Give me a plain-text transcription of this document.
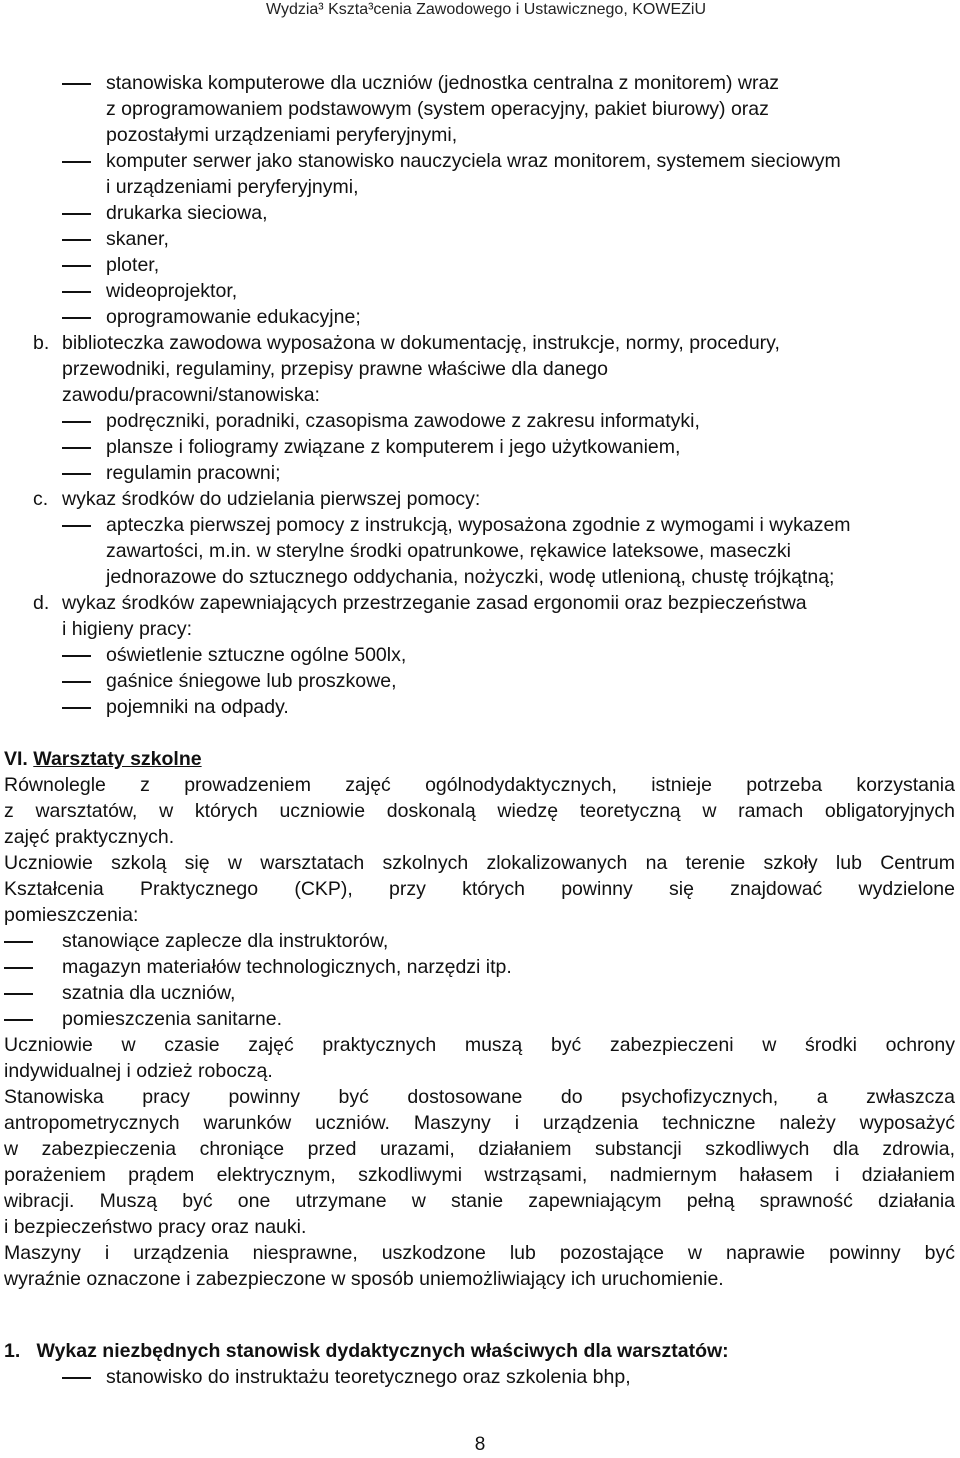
Wydzia³ Kszta³cenia Zawodowego i Ustawicznego, KOWEZiU
stanowiska komputerowe dla uczniów (jednostka centralna z monitorem) wraz
z oprogramowaniem podstawowym (system operacyjny, pakiet biurowy) oraz
pozostałymi urządzeniami peryferyjnymi,
komputer serwer jako stanowisko nauczyciela wraz monitorem, systemem sieciowym
i urządzeniami peryferyjnymi,
drukarka sieciowa,
skaner,
ploter,
wideoprojektor,
oprogramowanie edukacyjne;
b. biblioteczka zawodowa wyposażona w dokumentację, instrukcje, normy, procedury,
przewodniki, regulaminy, przepisy prawne właściwe dla danego
zawodu/pracowni/stanowiska:
podręczniki, poradniki, czasopisma zawodowe z zakresu informatyki,
plansze i foliogramy związane z komputerem i jego użytkowaniem,
regulamin pracowni;
c. wykaz środków do udzielania pierwszej pomocy:
apteczka pierwszej pomocy z instrukcją, wyposażona zgodnie z wymogami i wykazem
zawartości, m.in. w sterylne środki opatrunkowe, rękawice lateksowe, maseczki
jednorazowe do sztucznego oddychania, nożyczki, wodę utlenioną, chustę trójkątną;
d. wykaz środków zapewniających przestrzeganie zasad ergonomii oraz bezpieczeństwa
i higieny pracy:
oświetlenie sztuczne ogólne 500lx,
gaśnice śniegowe lub proszkowe,
pojemniki na odpady.
VI. Warsztaty szkolne
Równolegle z prowadzeniem zajęć ogólnodydaktycznych, istnieje potrzeba korzystania
z warsztatów, w których uczniowie doskonalą wiedzę teoretyczną w ramach obligatoryjnych
zajęć praktycznych.
Uczniowie szkolą się w warsztatach szkolnych zlokalizowanych na terenie szkoły lub Centrum
Kształcenia Praktycznego (CKP), przy których powinny się znajdować wydzielone
pomieszczenia:
stanowiące zaplecze dla instruktorów,
magazyn materiałów technologicznych, narzędzi itp.
szatnia dla uczniów,
pomieszczenia sanitarne.
Uczniowie w czasie zajęć praktycznych muszą być zabezpieczeni w środki ochrony
indywidualnej i odzież roboczą.
Stanowiska pracy powinny być dostosowane do psychofizycznych, a zwłaszcza
antropometrycznych warunków uczniów. Maszyny i urządzenia techniczne należy wyposażyć
w zabezpieczenia chroniące przed urazami, działaniem substancji szkodliwych dla zdrowia,
porażeniem prądem elektrycznym, szkodliwymi wstrząsami, nadmiernym hałasem i działaniem
wibracji. Muszą być one utrzymane w stanie zapewniającym pełną sprawność działania
i bezpieczeństwo pracy oraz nauki.
Maszyny i urządzenia niesprawne, uszkodzone lub pozostające w naprawie powinny być
wyraźnie oznaczone i zabezpieczone w sposób uniemożliwiający ich uruchomienie.
1. Wykaz niezbędnych stanowisk dydaktycznych właściwych dla warsztatów:
stanowisko do instruktażu teoretycznego oraz szkolenia bhp,
8
